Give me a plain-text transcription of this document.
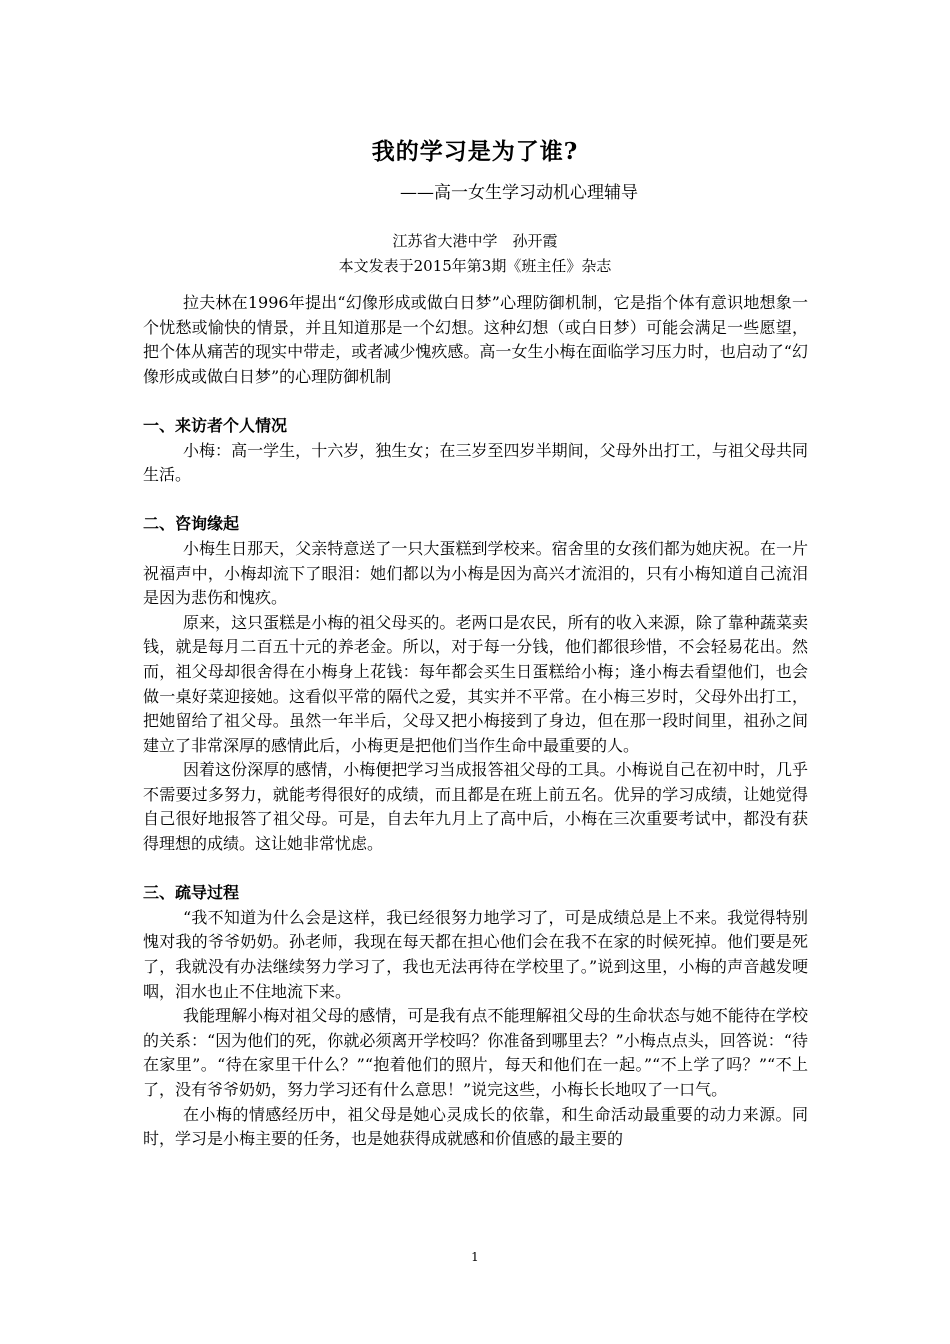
我的学习是为了谁?
——高一女生学习动机心理辅导
江苏省大港中学　孙开霞
本文发表于2015年第3期《班主任》杂志

拉夫林在1996年提出“幻像形成或做白日梦”心理防御机制，它是指个体有意识地想象一个忧愁或愉快的情景，并且知道那是一个幻想。这种幻想（或白日梦）可能会满足一些愿望，把个体从痛苦的现实中带走，或者减少愧疚感。高一女生小梅在面临学习压力时，也启动了“幻像形成或做白日梦”的心理防御机制

一、来访者个人情况

小梅：高一学生，十六岁，独生女；在三岁至四岁半期间，父母外出打工，与祖父母共同生活。

二、咨询缘起

小梅生日那天，父亲特意送了一只大蛋糕到学校来。宿舍里的女孩们都为她庆祝。在一片祝福声中，小梅却流下了眼泪：她们都以为小梅是因为高兴才流泪的，只有小梅知道自己流泪是因为悲伤和愧疚。

原来，这只蛋糕是小梅的祖父母买的。老两口是农民，所有的收入来源，除了靠种蔬菜卖钱，就是每月二百五十元的养老金。所以，对于每一分钱，他们都很珍惜，不会轻易花出。然而，祖父母却很舍得在小梅身上花钱：每年都会买生日蛋糕给小梅；逢小梅去看望他们，也会做一桌好菜迎接她。这看似平常的隔代之爱，其实并不平常。在小梅三岁时，父母外出打工，把她留给了祖父母。虽然一年半后，父母又把小梅接到了身边，但在那一段时间里，祖孙之间建立了非常深厚的感情此后，小梅更是把他们当作生命中最重要的人。

因着这份深厚的感情，小梅便把学习当成报答祖父母的工具。小梅说自己在初中时，几乎不需要过多努力，就能考得很好的成绩，而且都是在班上前五名。优异的学习成绩，让她觉得自己很好地报答了祖父母。可是，自去年九月上了高中后，小梅在三次重要考试中，都没有获得理想的成绩。这让她非常忧虑。

三、疏导过程

“我不知道为什么会是这样，我已经很努力地学习了，可是成绩总是上不来。我觉得特别愧对我的爷爷奶奶。孙老师，我现在每天都在担心他们会在我不在家的时候死掉。他们要是死了，我就没有办法继续努力学习了，我也无法再待在学校里了。”说到这里，小梅的声音越发哽咽，泪水也止不住地流下来。

我能理解小梅对祖父母的感情，可是我有点不能理解祖父母的生命状态与她不能待在学校的关系：“因为他们的死，你就必须离开学校吗？你准备到哪里去？”小梅点点头，回答说：“待在家里”。“待在家里干什么？”“抱着他们的照片，每天和他们在一起。”“不上学了吗？”“不上了，没有爷爷奶奶，努力学习还有什么意思！”说完这些，小梅长长地叹了一口气。

在小梅的情感经历中，祖父母是她心灵成长的依靠，和生命活动最重要的动力来源。同时，学习是小梅主要的任务，也是她获得成就感和价值感的最主要的

1
